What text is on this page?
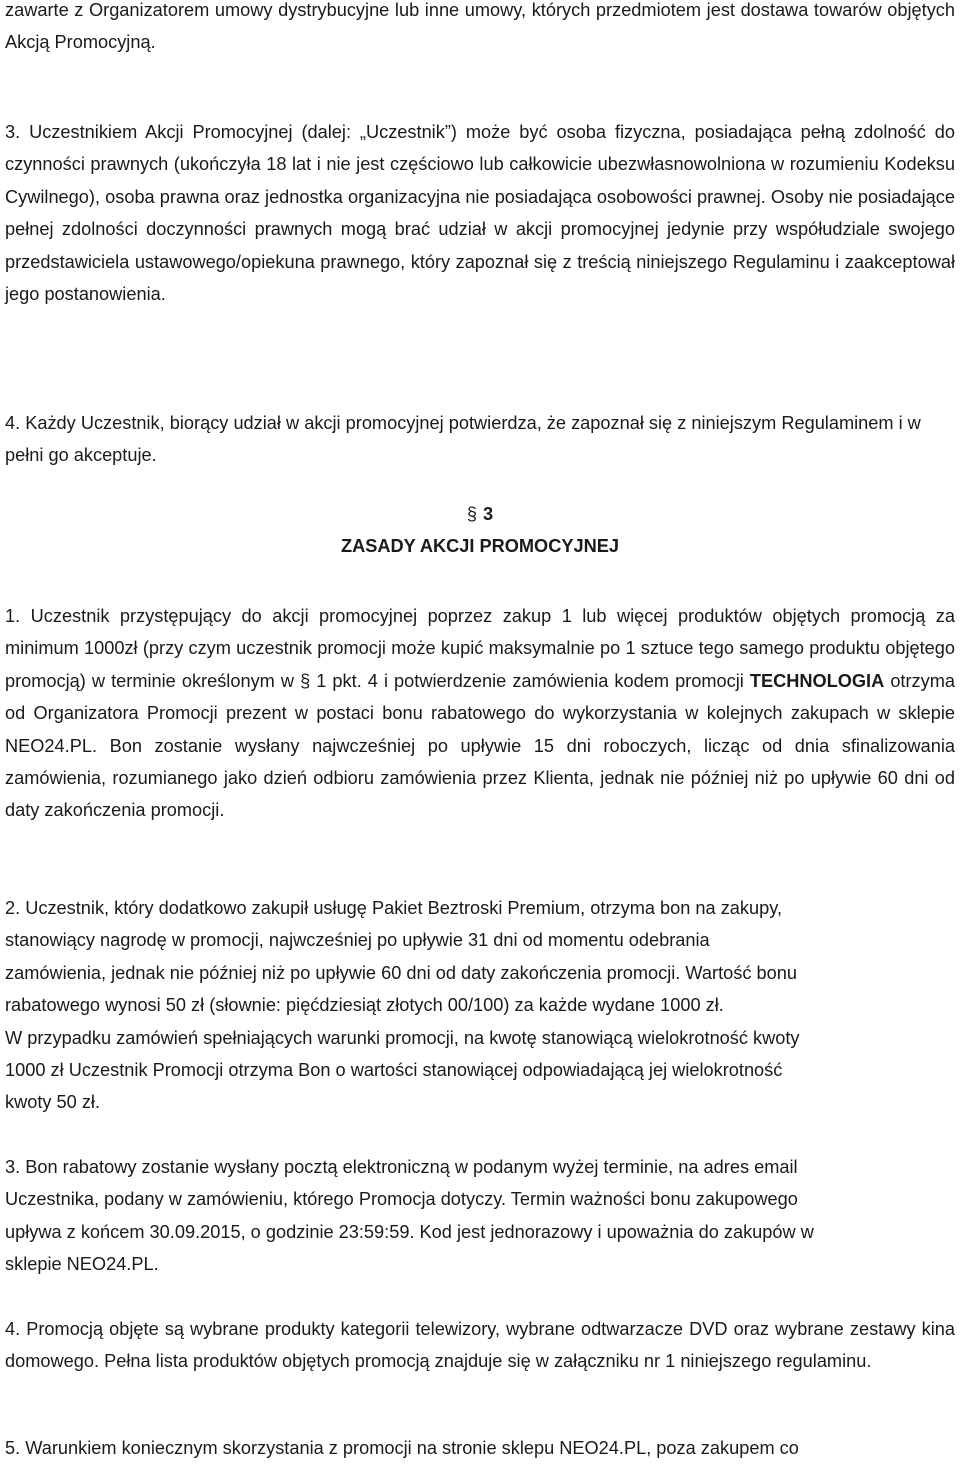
zawarte z Organizatorem umowy dystrybucyjne lub inne umowy, których przedmiotem jest dostawa towarów objętych Akcją Promocyjną.

3. Uczestnikiem Akcji Promocyjnej (dalej: „Uczestnik”) może być osoba fizyczna, posiadająca pełną zdolność do czynności prawnych (ukończyła 18 lat i nie jest częściowo lub całkowicie ubezwłasnowolniona w rozumieniu Kodeksu Cywilnego), osoba prawna oraz jednostka organizacyjna nie posiadająca osobowości prawnej. Osoby nie posiadające pełnej zdolności doczynności prawnych mogą brać udział w akcji promocyjnej jedynie przy współudziale swojego przedstawiciela ustawowego/opiekuna prawnego, który zapoznał się z treścią niniejszego Regulaminu i zaakceptował jego postanowienia.

4. Każdy Uczestnik, biorący udział w akcji promocyjnej potwierdza, że zapoznał się z niniejszym Regulaminem i w pełni go akceptuje.

§ 3

ZASADY AKCJI PROMOCYJNEJ

1. Uczestnik przystępujący do akcji promocyjnej poprzez zakup 1 lub więcej produktów objętych promocją za minimum 1000zł (przy czym uczestnik promocji może kupić maksymalnie po 1 sztuce tego samego produktu objętego promocją) w terminie określonym w § 1 pkt. 4 i potwierdzenie zamówienia kodem promocji TECHNOLOGIA otrzyma od Organizatora Promocji prezent w postaci bonu rabatowego do wykorzystania w kolejnych zakupach w sklepie NEO24.PL. Bon zostanie wysłany najwcześniej po upływie 15 dni roboczych, licząc od dnia sfinalizowania zamówienia, rozumianego jako dzień odbioru zamówienia przez Klienta, jednak nie później niż po upływie 60 dni od daty zakończenia promocji.

2. Uczestnik, który dodatkowo zakupił usługę Pakiet Beztroski Premium, otrzyma bon na zakupy,
stanowiący nagrodę w promocji, najwcześniej po upływie 31 dni od momentu odebrania
zamówienia, jednak nie później niż po upływie 60 dni od daty zakończenia promocji. Wartość bonu
rabatowego wynosi 50 zł (słownie: pięćdziesiąt złotych 00/100) za każde wydane 1000 zł.
W przypadku zamówień spełniających warunki promocji, na kwotę stanowiącą wielokrotność kwoty
1000 zł Uczestnik Promocji otrzyma Bon o wartości stanowiącej odpowiadającą jej wielokrotność
kwoty 50 zł.
3. Bon rabatowy zostanie wysłany pocztą elektroniczną w podanym wyżej terminie, na adres email
Uczestnika, podany w zamówieniu, którego Promocja dotyczy. Termin ważności bonu zakupowego
upływa z końcem 30.09.2015, o godzinie 23:59:59. Kod jest jednorazowy i upoważnia do zakupów w
sklepie NEO24.PL.

4. Promocją objęte są wybrane produkty kategorii telewizory, wybrane odtwarzacze DVD oraz wybrane zestawy kina domowego. Pełna lista produktów objętych promocją znajduje się w załączniku nr 1 niniejszego regulaminu.

5. Warunkiem koniecznym skorzystania z promocji na stronie sklepu NEO24.PL, poza zakupem co
